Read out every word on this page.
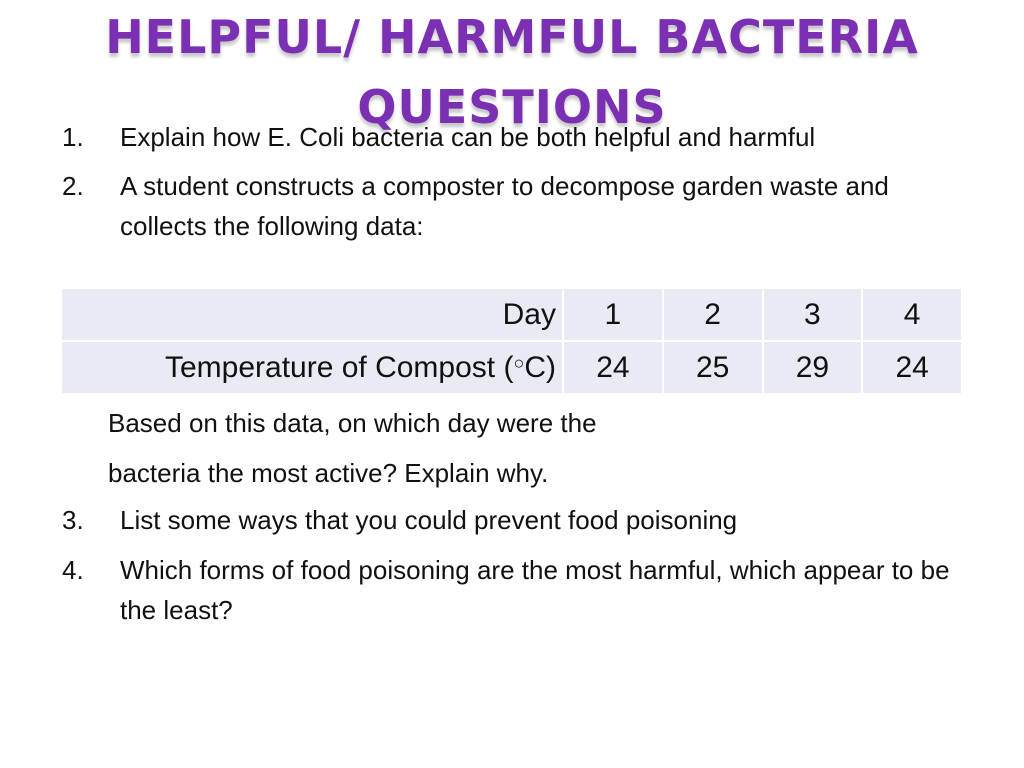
HELPFUL/ HARMFUL BACTERIA
QUESTIONS
1. Explain how E. Coli bacteria can be both helpful and harmful
2. A student constructs a composter to decompose garden waste and collects the following data:
Day	1	2	3	4
Temperature of Compost (○C)	24	25	29	24
Based on this data, on which day were the
bacteria the most active? Explain why.
3. List some ways that you could prevent food poisoning
4. Which forms of food poisoning are the most harmful, which appear to be the least?
